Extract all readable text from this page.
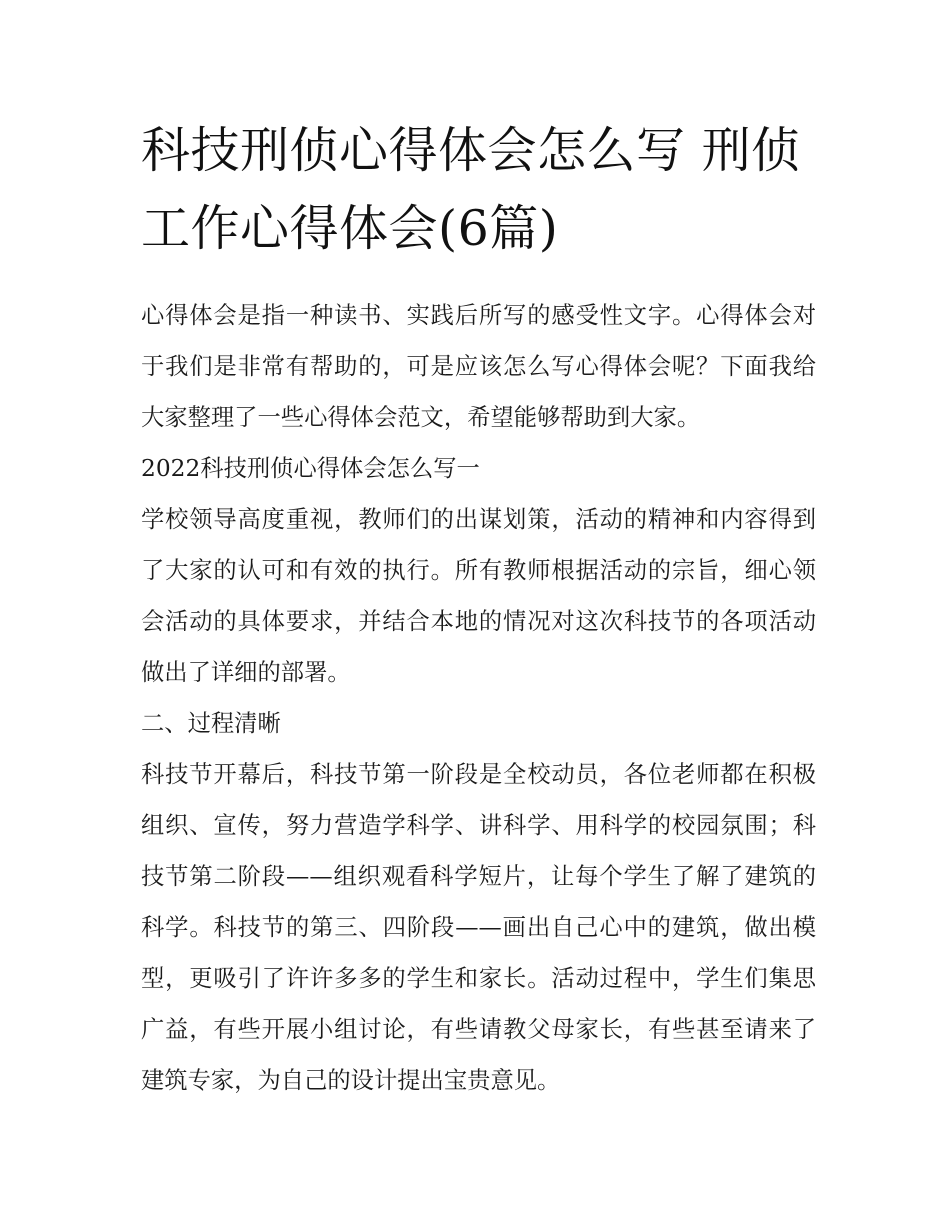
科技刑侦心得体会怎么写 刑侦工作心得体会(6篇)

心得体会是指一种读书、实践后所写的感受性文字。心得体会对于我们是非常有帮助的，可是应该怎么写心得体会呢？下面我给大家整理了一些心得体会范文，希望能够帮助到大家。

2022科技刑侦心得体会怎么写一

学校领导高度重视，教师们的出谋划策，活动的精神和内容得到了大家的认可和有效的执行。所有教师根据活动的宗旨，细心领会活动的具体要求，并结合本地的情况对这次科技节的各项活动做出了详细的部署。

二、过程清晰

科技节开幕后，科技节第一阶段是全校动员，各位老师都在积极组织、宣传，努力营造学科学、讲科学、用科学的校园氛围；科技节第二阶段——组织观看科学短片，让每个学生了解了建筑的科学。科技节的第三、四阶段——画出自己心中的建筑，做出模型，更吸引了许许多多的学生和家长。活动过程中，学生们集思广益，有些开展小组讨论，有些请教父母家长，有些甚至请来了建筑专家，为自己的设计提出宝贵意见。
